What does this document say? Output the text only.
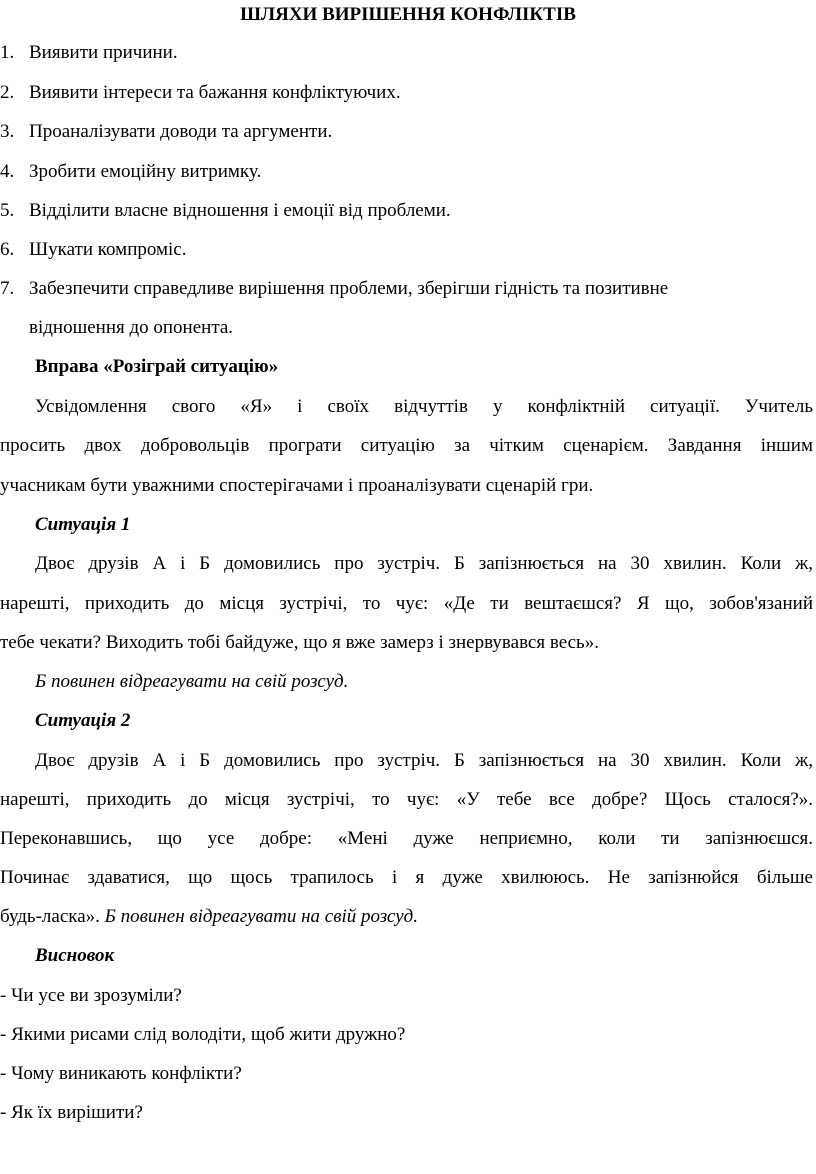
ШЛЯХИ ВИРІШЕННЯ КОНФЛІКТІВ
1. Виявити причини.
2. Виявити інтереси та бажання конфліктуючих.
3. Проаналізувати доводи та аргументи.
4. Зробити емоційну витримку.
5. Відділити власне відношення і емоції від проблеми.
6. Шукати компроміс.
7. Забезпечити справедливе вирішення проблеми, зберігши гідність та позитивне
відношення до опонента.
Вправа «Розіграй ситуацію»
Усвідомлення свого «Я» і своїх відчуттів у конфліктній ситуації. Учитель
просить двох добровольців програти ситуацію за чітким сценарієм. Завдання іншим
учасникам бути уважними спостерігачами і проаналізувати сценарій гри.
Ситуація 1
Двоє друзів А і Б домовились про зустріч. Б запізнюється на 30 хвилин. Коли ж,
нарешті, приходить до місця зустрічі, то чує: «Де ти вештаєшся? Я що, зобов'язаний
тебе чекати? Виходить тобі байдуже, що я вже замерз і знервувався весь».
Б повинен відреагувати на свій розсуд.
Ситуація 2
Двоє друзів А і Б домовились про зустріч. Б запізнюється на 30 хвилин. Коли ж,
нарешті, приходить до місця зустрічі, то чує: «У тебе все добре? Щось сталося?».
Переконавшись, що усе добре: «Мені дуже неприємно, коли ти запізнюєшся.
Починає здаватися, що щось трапилось і я дуже хвилююсь. Не запізнюйся більше
будь-ласка». Б повинен відреагувати на свій розсуд.
Висновок
- Чи усе ви зрозуміли?
- Якими рисами слід володіти, щоб жити дружно?
- Чому виникають конфлікти?
- Як їх вирішити?
